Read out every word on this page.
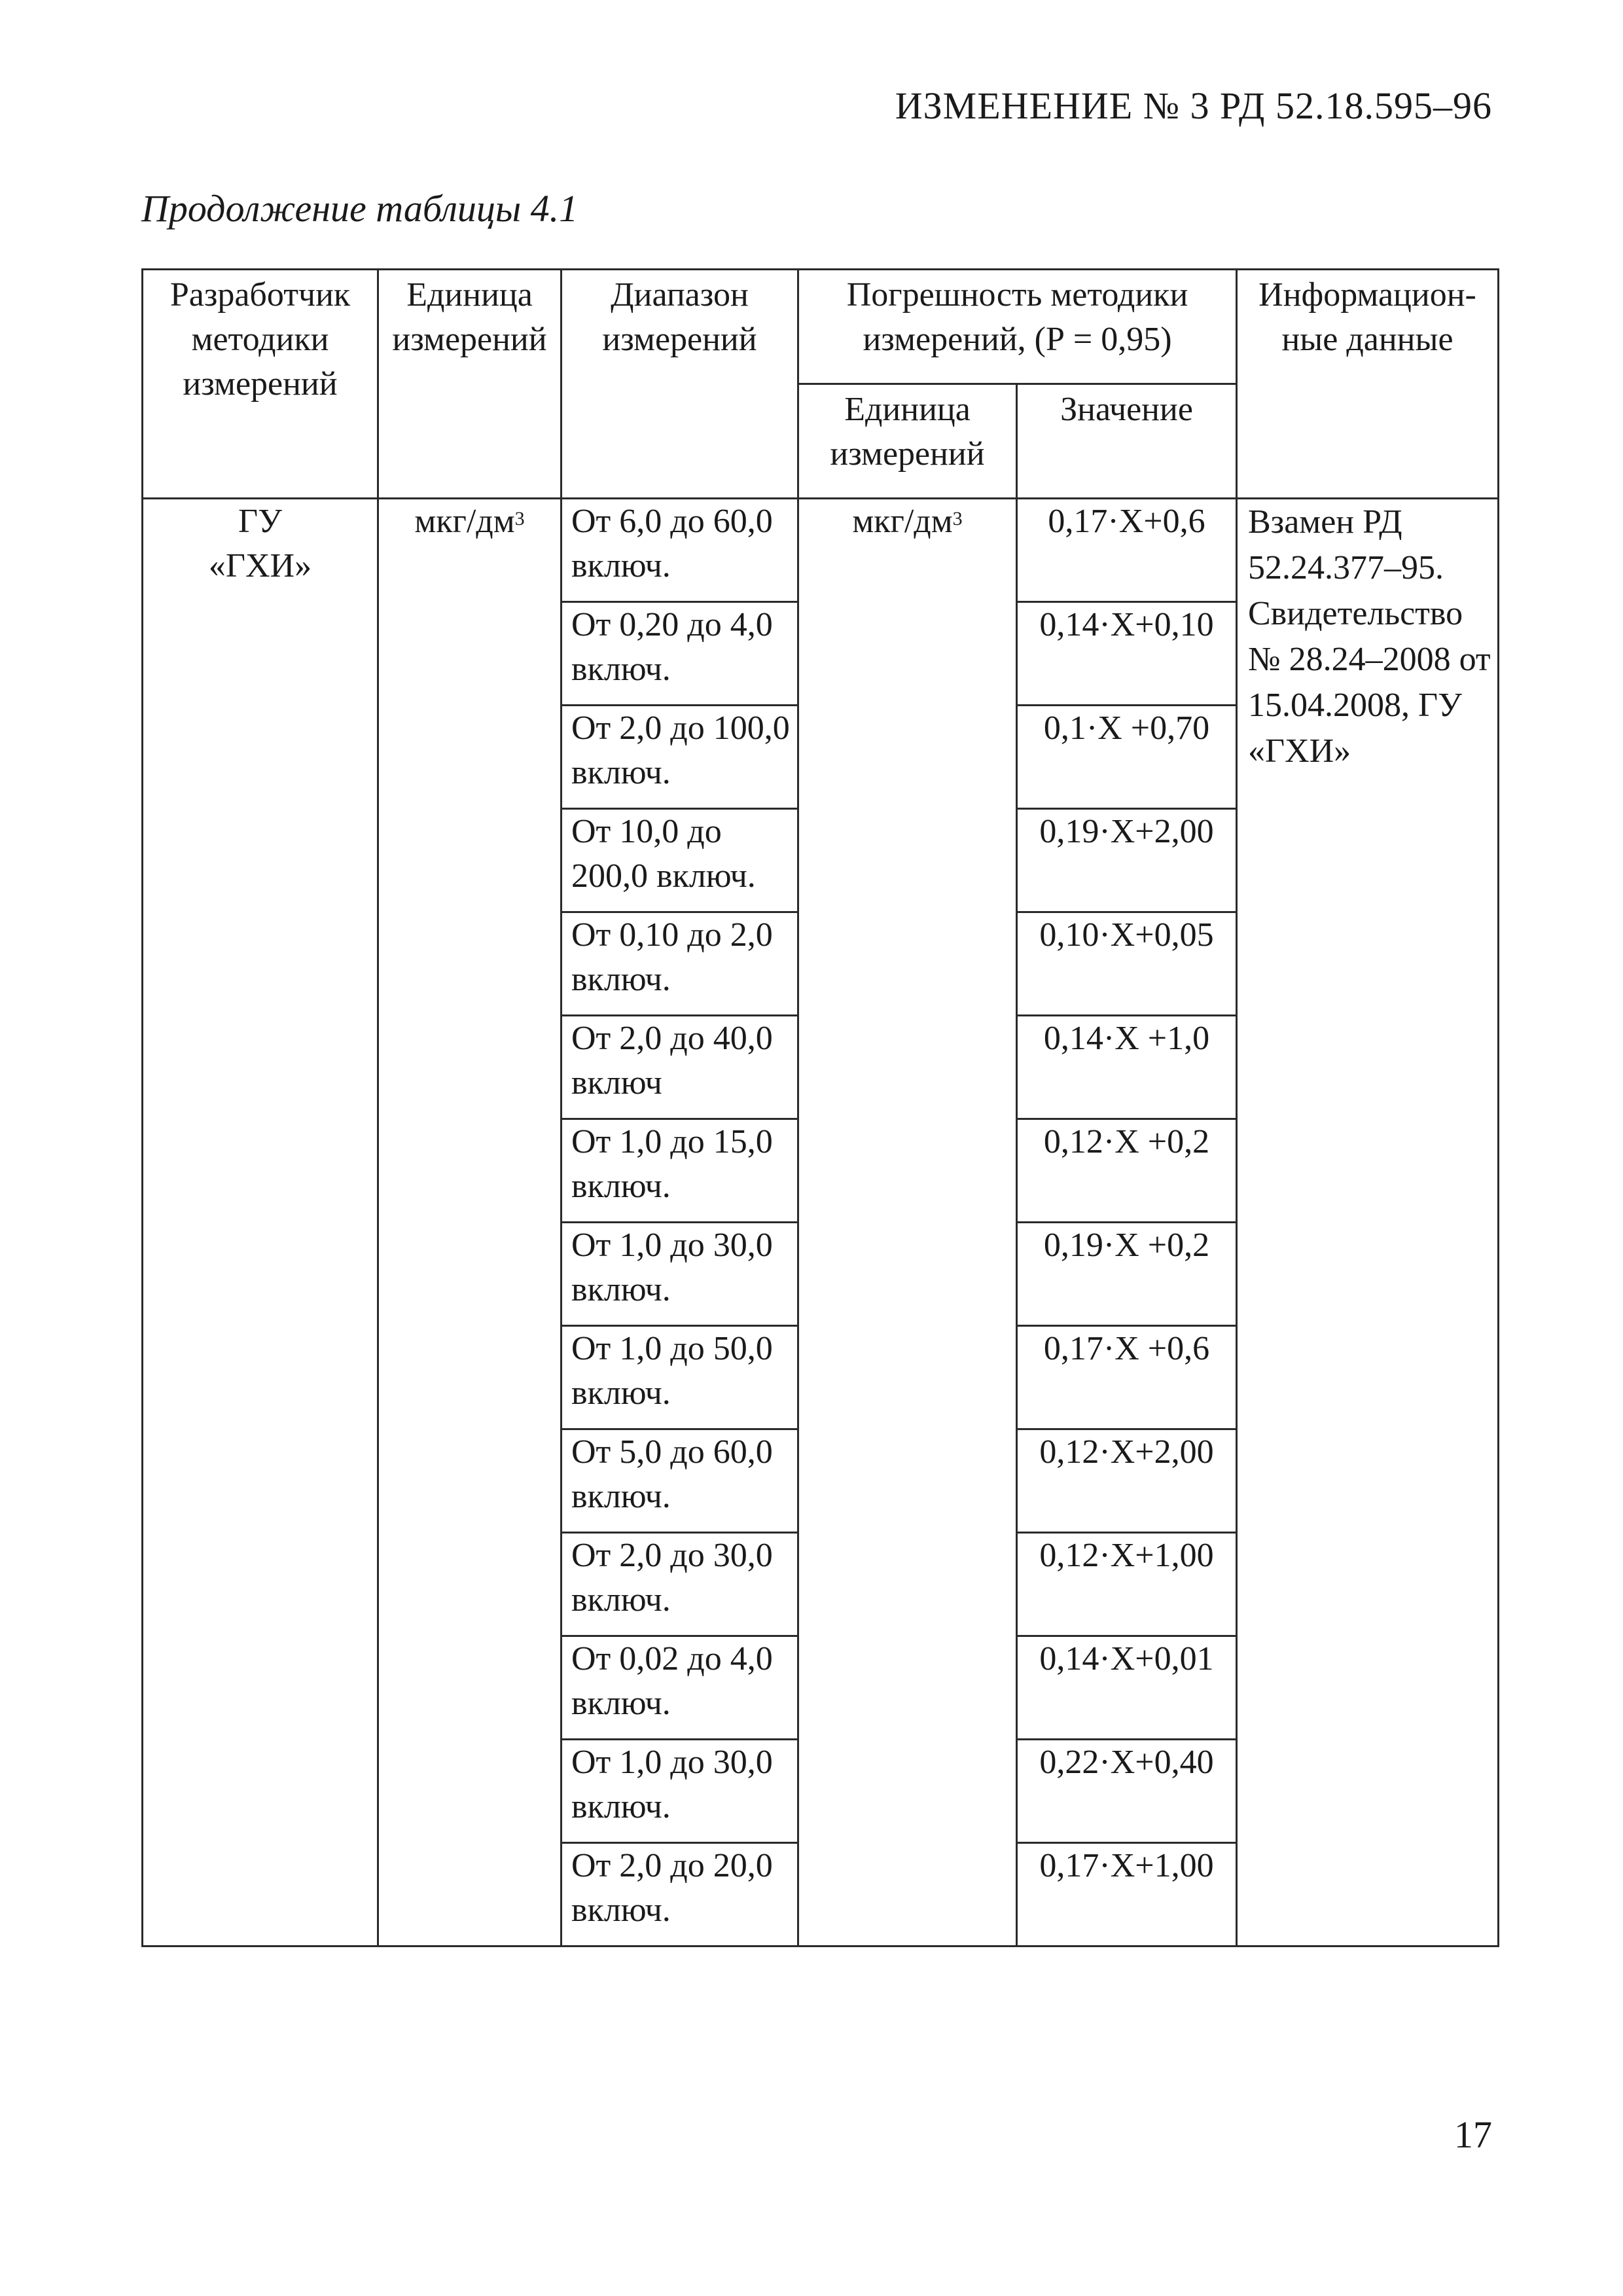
ИЗМЕНЕНИЕ № 3 РД 52.18.595–96
Продолжение таблицы 4.1
Разработчик методики измерений	Единица измерений	Диапазон измерений	Погрешность методики измерений, (Р = 0,95)		Информацион-ные данные
			Единица измерений	Значение	
ГУ «ГХИ»	мкг/$дм^3$	От 6,0 до 60,0 включ.	мкг/$дм^3$	0,17·X+0,6	Взамен РД 52.24.377–95. Свидетельство № 28.24–2008 от 15.04.2008, ГУ «ГХИ»
		От 0,20 до 4,0 включ.		0,14·X+0,10	
		От 2,0 до 100,0 включ.		0,1·X +0,70	
		От 10,0 до 200,0 включ.		0,19·X+2,00	
		От 0,10 до 2,0 включ.		0,10·X+0,05	
		От 2,0 до 40,0 включ		0,14·X +1,0	
		От 1,0 до 15,0 включ.		0,12·X +0,2	
		От 1,0 до 30,0 включ.		0,19·X +0,2	
		От 1,0 до 50,0 включ.		0,17·X +0,6	
		От 5,0 до 60,0 включ.		0,12·X+2,00	
		От 2,0 до 30,0 включ.		0,12·X+1,00	
		От 0,02 до 4,0 включ.		0,14·X+0,01	
		От 1,0 до 30,0 включ.		0,22·X+0,40	
		От 2,0 до 20,0 включ.		0,17·X+1,00	
17
